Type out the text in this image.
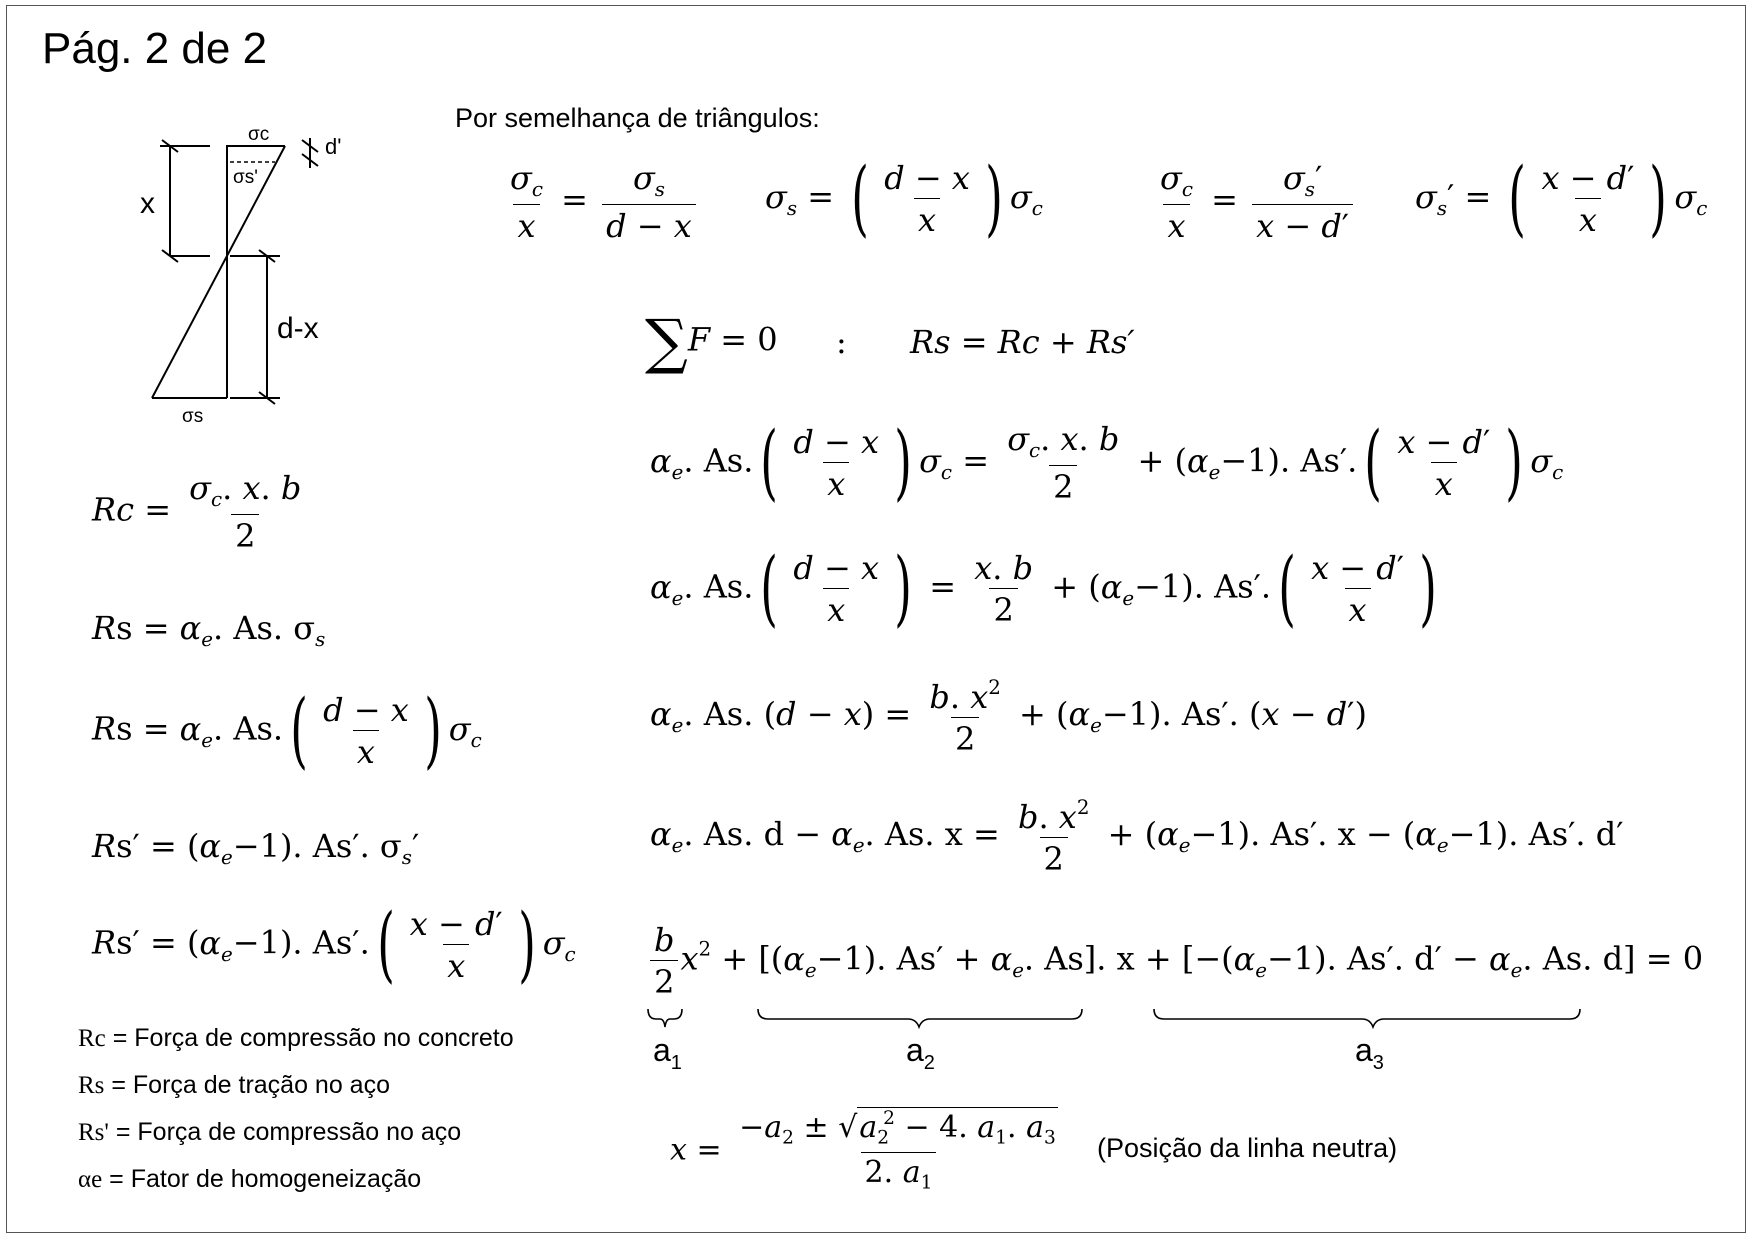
Pág. 2 de 2
Por semelhança de triângulos:
σc
σs'
d'
x
d-x
σs
$\frac{\sigma_c}{x} = \frac{\sigma_s}{d - x} \sigma_s$ = ( $\frac{d - x}{x}$ ) $\sigma_c$	$\frac{\sigma_c}{x} = \frac{\sigma_s'}{x - d'} \sigma_s'$ = ( $\frac{x - d'}{x}$ ) $\sigma_c$
∑F = 0 : Rs = Rc + Rs′
$\alpha_e$. As. ( $\frac{d - x}{x}$ ) $\sigma_c = \frac{\sigma_c. x. b}{2} + (\alpha_e-1)$. As′. ( $\frac{x - d'}{x}$ ) $\sigma_c$
$\alpha_e$. As. ( $\frac{d - x}{x}$ ) = $\frac{x. b}{2} + (\alpha_e-1)$. As′. ( $\frac{x - d'}{x}$ )
$\alpha_e$. As. $(d - x) = \frac{b. x^2}{2} + (\alpha_e-1)$. As′. (x − d′)
$\alpha_e$. As. $d - \alpha_e$. As. $x = \frac{b. x^2}{2} + (\alpha_e-1)$. As′. $x - (\alpha_e-1)$. As′. d′
$\frac{b}{2} x^2 + [(\alpha_e-1)$. $As' + \alpha_e$. As]. $x + [-(\alpha_e-1)$. As′. $d' - \alpha_e$. As. d] = 0
$a_1$	$a_2$	$a_3$
$x = \frac{-a_2 \pm √a_2^2 - 4. a_1. a_3}{2. a_1}$ (Posição da linha neutra)
$Rc = \frac{\sigma_c. x. b}{2}$
$Rs = \alpha_e$. As. $\sigma_s$
$Rs = \alpha_e$. As. ( $\frac{d - x}{x}$ ) $\sigma_c$
$Rs' = (\alpha_e-1)$. As′. $\sigma_s'$
$Rs' = (\alpha_e-1)$. As′. ( $\frac{x - d'}{x}$ ) $\sigma_c$
Rc = Força de compressão no concreto
Rs = Força de tração no aço
Rs' = Força de compressão no aço
αe = Fator de homogeneização
